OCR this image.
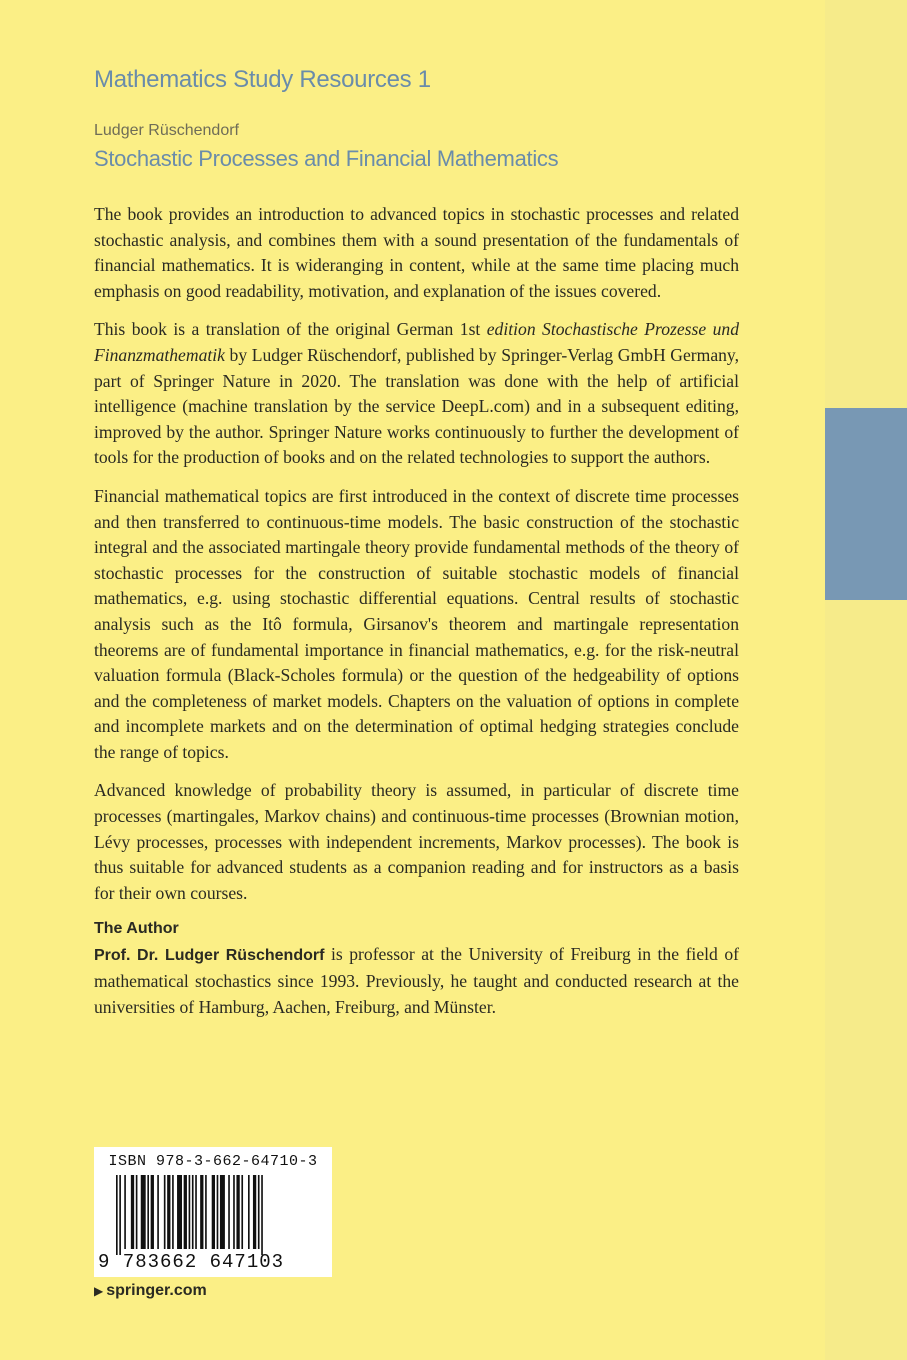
Mathematics Study Resources 1
Ludger Rüschendorf
Stochastic Processes and Financial Mathematics

The book provides an introduction to advanced topics in stochastic processes and related stochastic analysis, and combines them with a sound presentation of the fundamentals of financial mathematics. It is wideranging in content, while at the same time placing much emphasis on good readability, motivation, and explanation of the issues covered.

This book is a translation of the original German 1st edition Stochastische Prozesse und Finanzmathematik by Ludger Rüschendorf, published by Springer-Verlag GmbH Germany, part of Springer Nature in 2020. The translation was done with the help of artificial intelligence (machine translation by the service DeepL.com) and in a subsequent editing, improved by the author. Springer Nature works continuously to further the development of tools for the production of books and on the related technologies to support the authors.

Financial mathematical topics are first introduced in the context of discrete time processes and then transferred to continuous-time models. The basic construction of the stochastic integral and the associated martingale theory provide fundamental methods of the theory of stochastic processes for the construction of suitable stochastic models of financial mathematics, e.g. using stochastic differential equations. Central results of stochastic analysis such as the Itô formula, Girsanov's theorem and martingale representation theorems are of fundamental importance in financial mathematics, e.g. for the risk-neutral valuation formula (Black-Scholes formula) or the question of the hedgeability of options and the completeness of market models. Chapters on the valuation of options in complete and incomplete markets and on the determination of optimal hedging strategies conclude the range of topics.

Advanced knowledge of probability theory is assumed, in particular of discrete time processes (martingales, Markov chains) and continuous-time processes (Brownian motion, Lévy processes, processes with independent increments, Markov processes). The book is thus suitable for advanced students as a companion reading and for instructors as a basis for their own courses.

The Author

Prof. Dr. Ludger Rüschendorf is professor at the University of Freiburg in the field of mathematical stochastics since 1993. Previously, he taught and conducted research at the universities of Hamburg, Aachen, Freiburg, and Münster.

ISBN 978-3-662-64710-3
9 783662 647103
▶ springer.com
